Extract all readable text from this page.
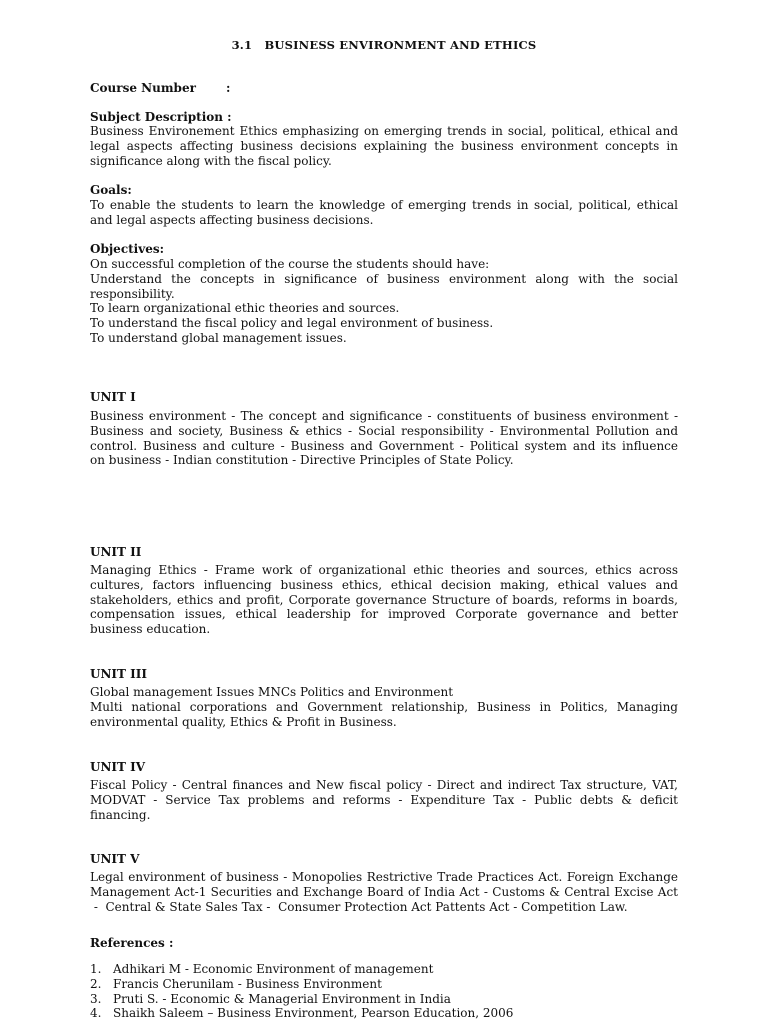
3.1 BUSINESS ENVIRONMENT AND ETHICS
Course Number	:
Subject Description :
Business Environement Ethics emphasizing on emerging trends in social, political, ethical and
legal aspects affecting business decisions explaining the business environment concepts in
significance along with the fiscal policy.
Goals:
To enable the students to learn the knowledge of emerging trends in social, political, ethical
and legal aspects affecting business decisions.
Objectives:
On successful completion of the course the students should have:
Understand the concepts in significance of business environment along with the social
responsibility.
To learn organizational ethic theories and sources.
To understand the fiscal policy and legal environment of business.
To understand global management issues.
UNIT I
Business environment - The concept and significance - constituents of business environment -
Business and society, Business & ethics - Social responsibility - Environmental Pollution and
control. Business and culture - Business and Government - Political system and its influence
on business - Indian constitution - Directive Principles of State Policy.
UNIT II
Managing Ethics - Frame work of organizational ethic theories and sources, ethics across
cultures, factors influencing business ethics, ethical decision making, ethical values and
stakeholders, ethics and profit, Corporate governance Structure of boards, reforms in boards,
compensation issues, ethical leadership for improved Corporate governance and better
business education.
UNIT III
Global management Issues MNCs Politics and Environment
Multi national corporations and Government relationship, Business in Politics, Managing
environmental quality, Ethics & Profit in Business.
UNIT IV
Fiscal Policy - Central finances and New fiscal policy - Direct and indirect Tax structure, VAT,
MODVAT - Service Tax problems and reforms - Expenditure Tax - Public debts & deficit
financing.
UNIT V
Legal environment of business - Monopolies Restrictive Trade Practices Act. Foreign Exchange
Management Act-1 Securities and Exchange Board of India Act - Customs & Central Excise Act
-  Central & State Sales Tax -  Consumer Protection Act Pattents Act - Competition Law.
References :
1. Adhikari M - Economic Environment of management
2. Francis Cherunilam - Business Environment
3. Pruti S. - Economic & Managerial Environment in India
4. Shaikh Saleem – Business Environment, Pearson Education, 2006
